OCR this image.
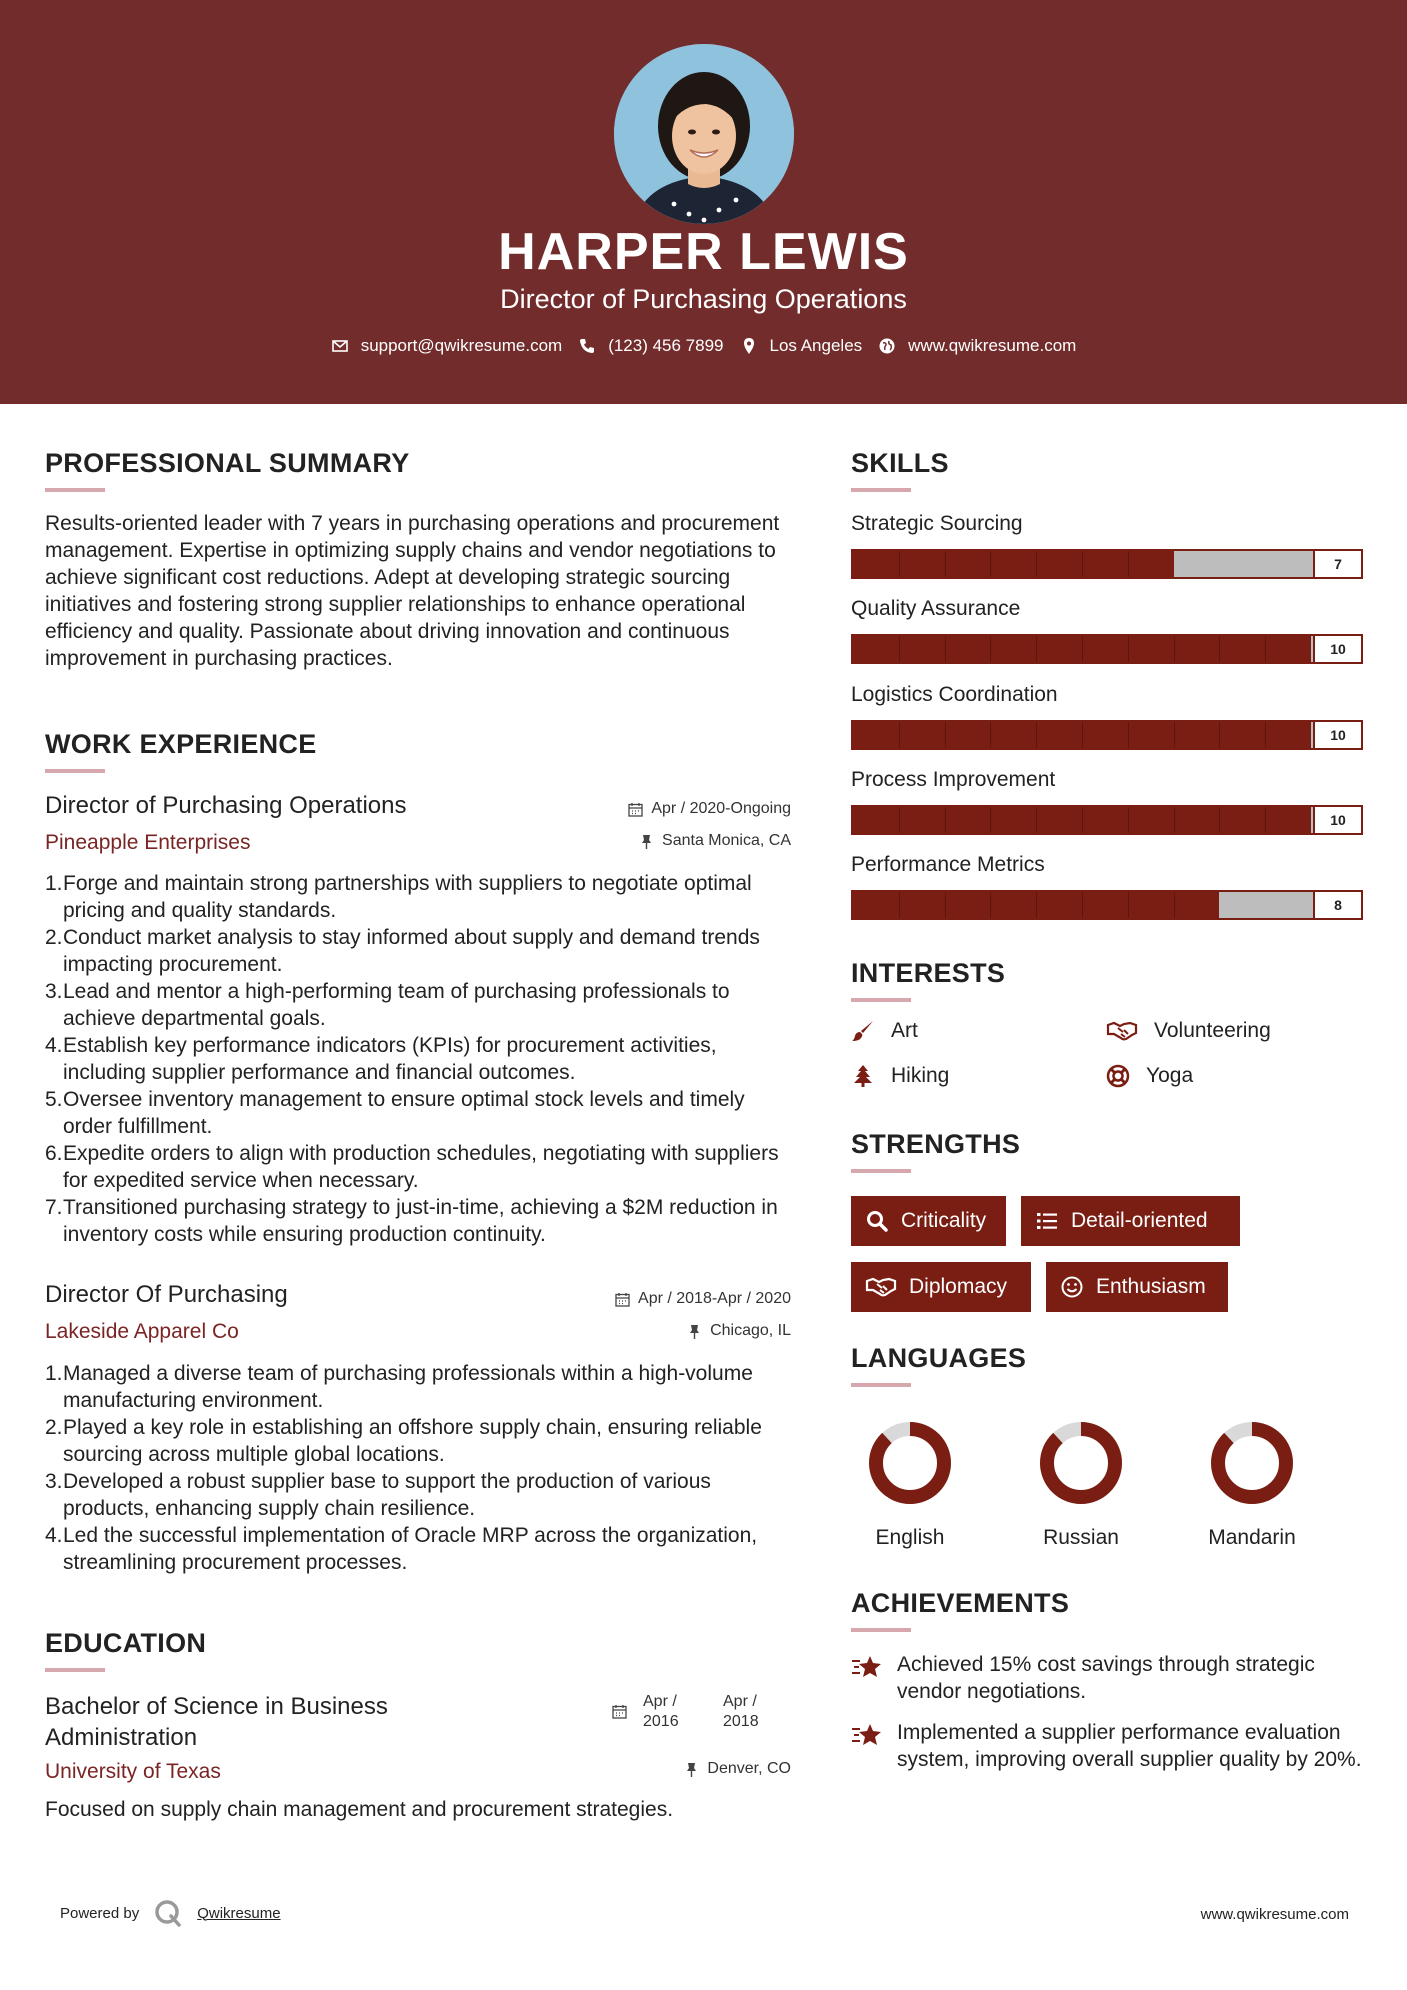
HARPER LEWIS
Director of Purchasing Operations
support@qwikresume.com	(123) 456 7899	Los Angeles	www.qwikresume.com
PROFESSIONAL SUMMARY
Results-oriented leader with 7 years in purchasing operations and procurement management. Expertise in optimizing supply chains and vendor negotiations to achieve significant cost reductions. Adept at developing strategic sourcing initiatives and fostering strong supplier relationships to enhance operational efficiency and quality. Passionate about driving innovation and continuous improvement in purchasing practices.
WORK EXPERIENCE
Director of Purchasing Operations	Apr / 2020-Ongoing
Pineapple Enterprises	Santa Monica, CA
1. Forge and maintain strong partnerships with suppliers to negotiate optimal pricing and quality standards.
2. Conduct market analysis to stay informed about supply and demand trends impacting procurement.
3. Lead and mentor a high-performing team of purchasing professionals to achieve departmental goals.
4. Establish key performance indicators (KPIs) for procurement activities, including supplier performance and financial outcomes.
5. Oversee inventory management to ensure optimal stock levels and timely order fulfillment.
6. Expedite orders to align with production schedules, negotiating with suppliers for expedited service when necessary.
7. Transitioned purchasing strategy to just-in-time, achieving a $2M reduction in inventory costs while ensuring production continuity.
Director Of Purchasing	Apr / 2018-Apr / 2020
Lakeside Apparel Co	Chicago, IL
1. Managed a diverse team of purchasing professionals within a high-volume manufacturing environment.
2. Played a key role in establishing an offshore supply chain, ensuring reliable sourcing across multiple global locations.
3. Developed a robust supplier base to support the production of various products, enhancing supply chain resilience.
4. Led the successful implementation of Oracle MRP across the organization, streamlining procurement processes.
EDUCATION
Bachelor of Science in Business
Administration
Apr /
2016
Apr /
2018
University of Texas	Denver, CO
Focused on supply chain management and procurement strategies.
SKILLS
Strategic Sourcing
7
Quality Assurance
10
Logistics Coordination
10
Process Improvement
10
Performance Metrics
8
INTERESTS
Art	Volunteering
Hiking	Yoga
STRENGTHS
Criticality	Detail-oriented
Diplomacy	Enthusiasm
LANGUAGES
English	Russian	Mandarin
ACHIEVEMENTS
Achieved 15% cost savings through strategic vendor negotiations.
Implemented a supplier performance evaluation system, improving overall supplier quality by 20%.
Powered by	Qwikresume	www.qwikresume.com
